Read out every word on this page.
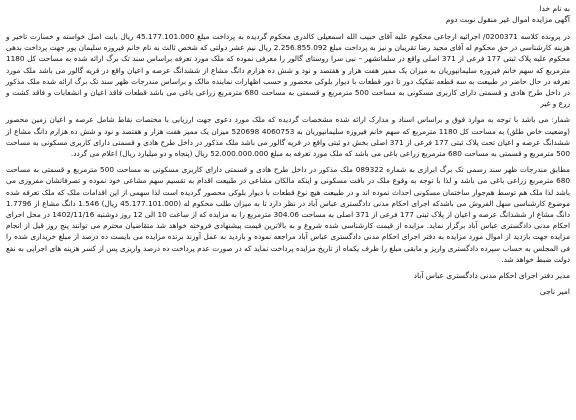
به نام خدا

آگهی مزایده اموال غیر منقول نوبت دوم

در پرونده کلاسه 0200371/ اجرائیه ارجاعی محکوم علیه آقای حبیب الله اسمعیلی کالدری محکوم گردیده به پرداخت مبلغ 45.177.101.000 ریال بابت اصل خواسته و خسارت تاخیر و هزینه کارشناسی در حق محکوم له آقای مجید رضا تقریبان و نیز به پرداخت مبلغ 2.256.855.092 ریال نیم عشر دولتی که شخص ثالث به نام خانم فیروزه سلیمان پور جهت پرداخت بدهی محکوم علیه پلاک ثبتی 177 فرعی از 371 اصلی واقع در سلماتشهر – نبی سرا روستای گالور را معرفی نموده که ملک مورد تعرفه براساس سند تک برگ ارائه شده به مساحت کل 1180 مترمربع که سهم خانم فیروزه سلیمانپوریان به میزان یک ممیز هفت هزار و هفتصد و نود و شش ده هزارم دانگ مشاع از ششدانگ عرصه و اعیان واقع در قریه گالور می باشد ملک مورد تعرفه در حال حاضر در طبیعت به سه قطعه تفکیک دور تا دور قطعات با دیوار بلوکی محصور و حسب اظهارات نماینده مالک و براساس مندرجات ظهر سند تک برگ ارائه شده ملک مذکور در داخل طرح هادی و قسمتی دارای کاربری مسکونی به مساحت 500 مترمربع و قسمتی به مساحت 680 مترمربع زراعی باغی می باشد قطعات فاقد اعیان و انشعابات و فاقد کشت و زرع و غیر

شمار: می باشد با توجه به موارد فوق و براساس اسناد و مدارک ارائه شده مشخصات گردیده که ملک مورد دعوی جهت ارزیابی با مختصات نقاط شامل عرصه و اعیان زمین محصور (وضعیت خاص طلق) به مساحت کل 1180 مترمربع که سهم خانم فیروزه سلیمانپوریان به 4060753 520698 میزان یک ممیز هفت هزار و هفتصد و نود و شش ده هزارم دانگ مشاع از ششدانگ عرصه و اعیان تحت پلاک ثبتی 177 فرعی از 371 اصلی بخش دو ثبتی واقع در قریه گالور می باشد ملک مذکور در داخل طرح هادی و قسمتی دارای کاربری مسکونی به مساحت 500 مترمربع و قسمتی به مساحت 680 مترمربع زراعی باغی می باشد که ملک مورد تعرفه به مبلغ 52.000.000.000 ریال (پنجاه و دو میلیارد ریال) اعلام می گردد.

مطابق مندرجات ظهر سند رسمی تک برگ ابرازی به شماره 089322 ملک مذکور در داخل طرح هادی و قسمتی دارای کاربری مسکونی به مساحت 500 مترمربع و قسمتی به مساحت 680 مترمربع زراعی باغی می باشد و لذا با توجه به وقوع ملک در بافت مسکونی و اینکه مالکان مشاعی در طبیعت اقدام به تقسیم سهم مشاعی خود نموده و تصرفاتشان مفروزی می باشد لذا ملک هم توسط هم‌جوار ساختمان مسکونی احداث نموده اند و در طبیعت هیچ نوع قطعات با دیوار بلوکی محصور گردیده است لذا سهمی از این اقدامات ملک که ملک تعرفه شده موضوع کارشناسی سهل الفروش می باشدکه اجرای احکام مدنی دادگستری عباس آباد در نظر دارد تا به میزان طلب محکوم له (45.177.101.000 ریال) 1.546 دانگ مشاع از 1.7796 دانگ مشاع از ششدانگ عرصه و اعیان از پلاک ثبتی 177 فرعی از 371 اصلی به مساحت 304.06 مترمربع را به مزایده که از ساعت 10 الی 12 روز دوشنبه 1402/11/16 در محل اجرای احکام مدنی دادگستری عباس آباد برگزار نماید. مزایده از قیمت کارشناسی شده شروع و به بالاترین قیمت پیشنهادی فروخته خواهد شد متقاضیان محترم می توانند پنج روز قبل از انجام مزایده جهت بازدید از اموال مورد مزایده به دفتر اجرای احکام مدنی دادگستری عباس آباد مراجعه نموده و بازدید به عمل آورند برنده مزایده می بایست ده درصد از مبلغ خریداری شده را فی المجلس به حساب سپرده دادگستری واریز و مابقی مبلغ را ظرف یکماه از تاریخ مزایده پرداخت نماید که در صورت عدم پرداخت ده درصد واریزی پس از کسر هزینه های اجرایی به نفع دولت ضبط خواهد شد.

مدیر دفتر اجرای احکام مدنی دادگستری عباس آباد

امیر ناجی
